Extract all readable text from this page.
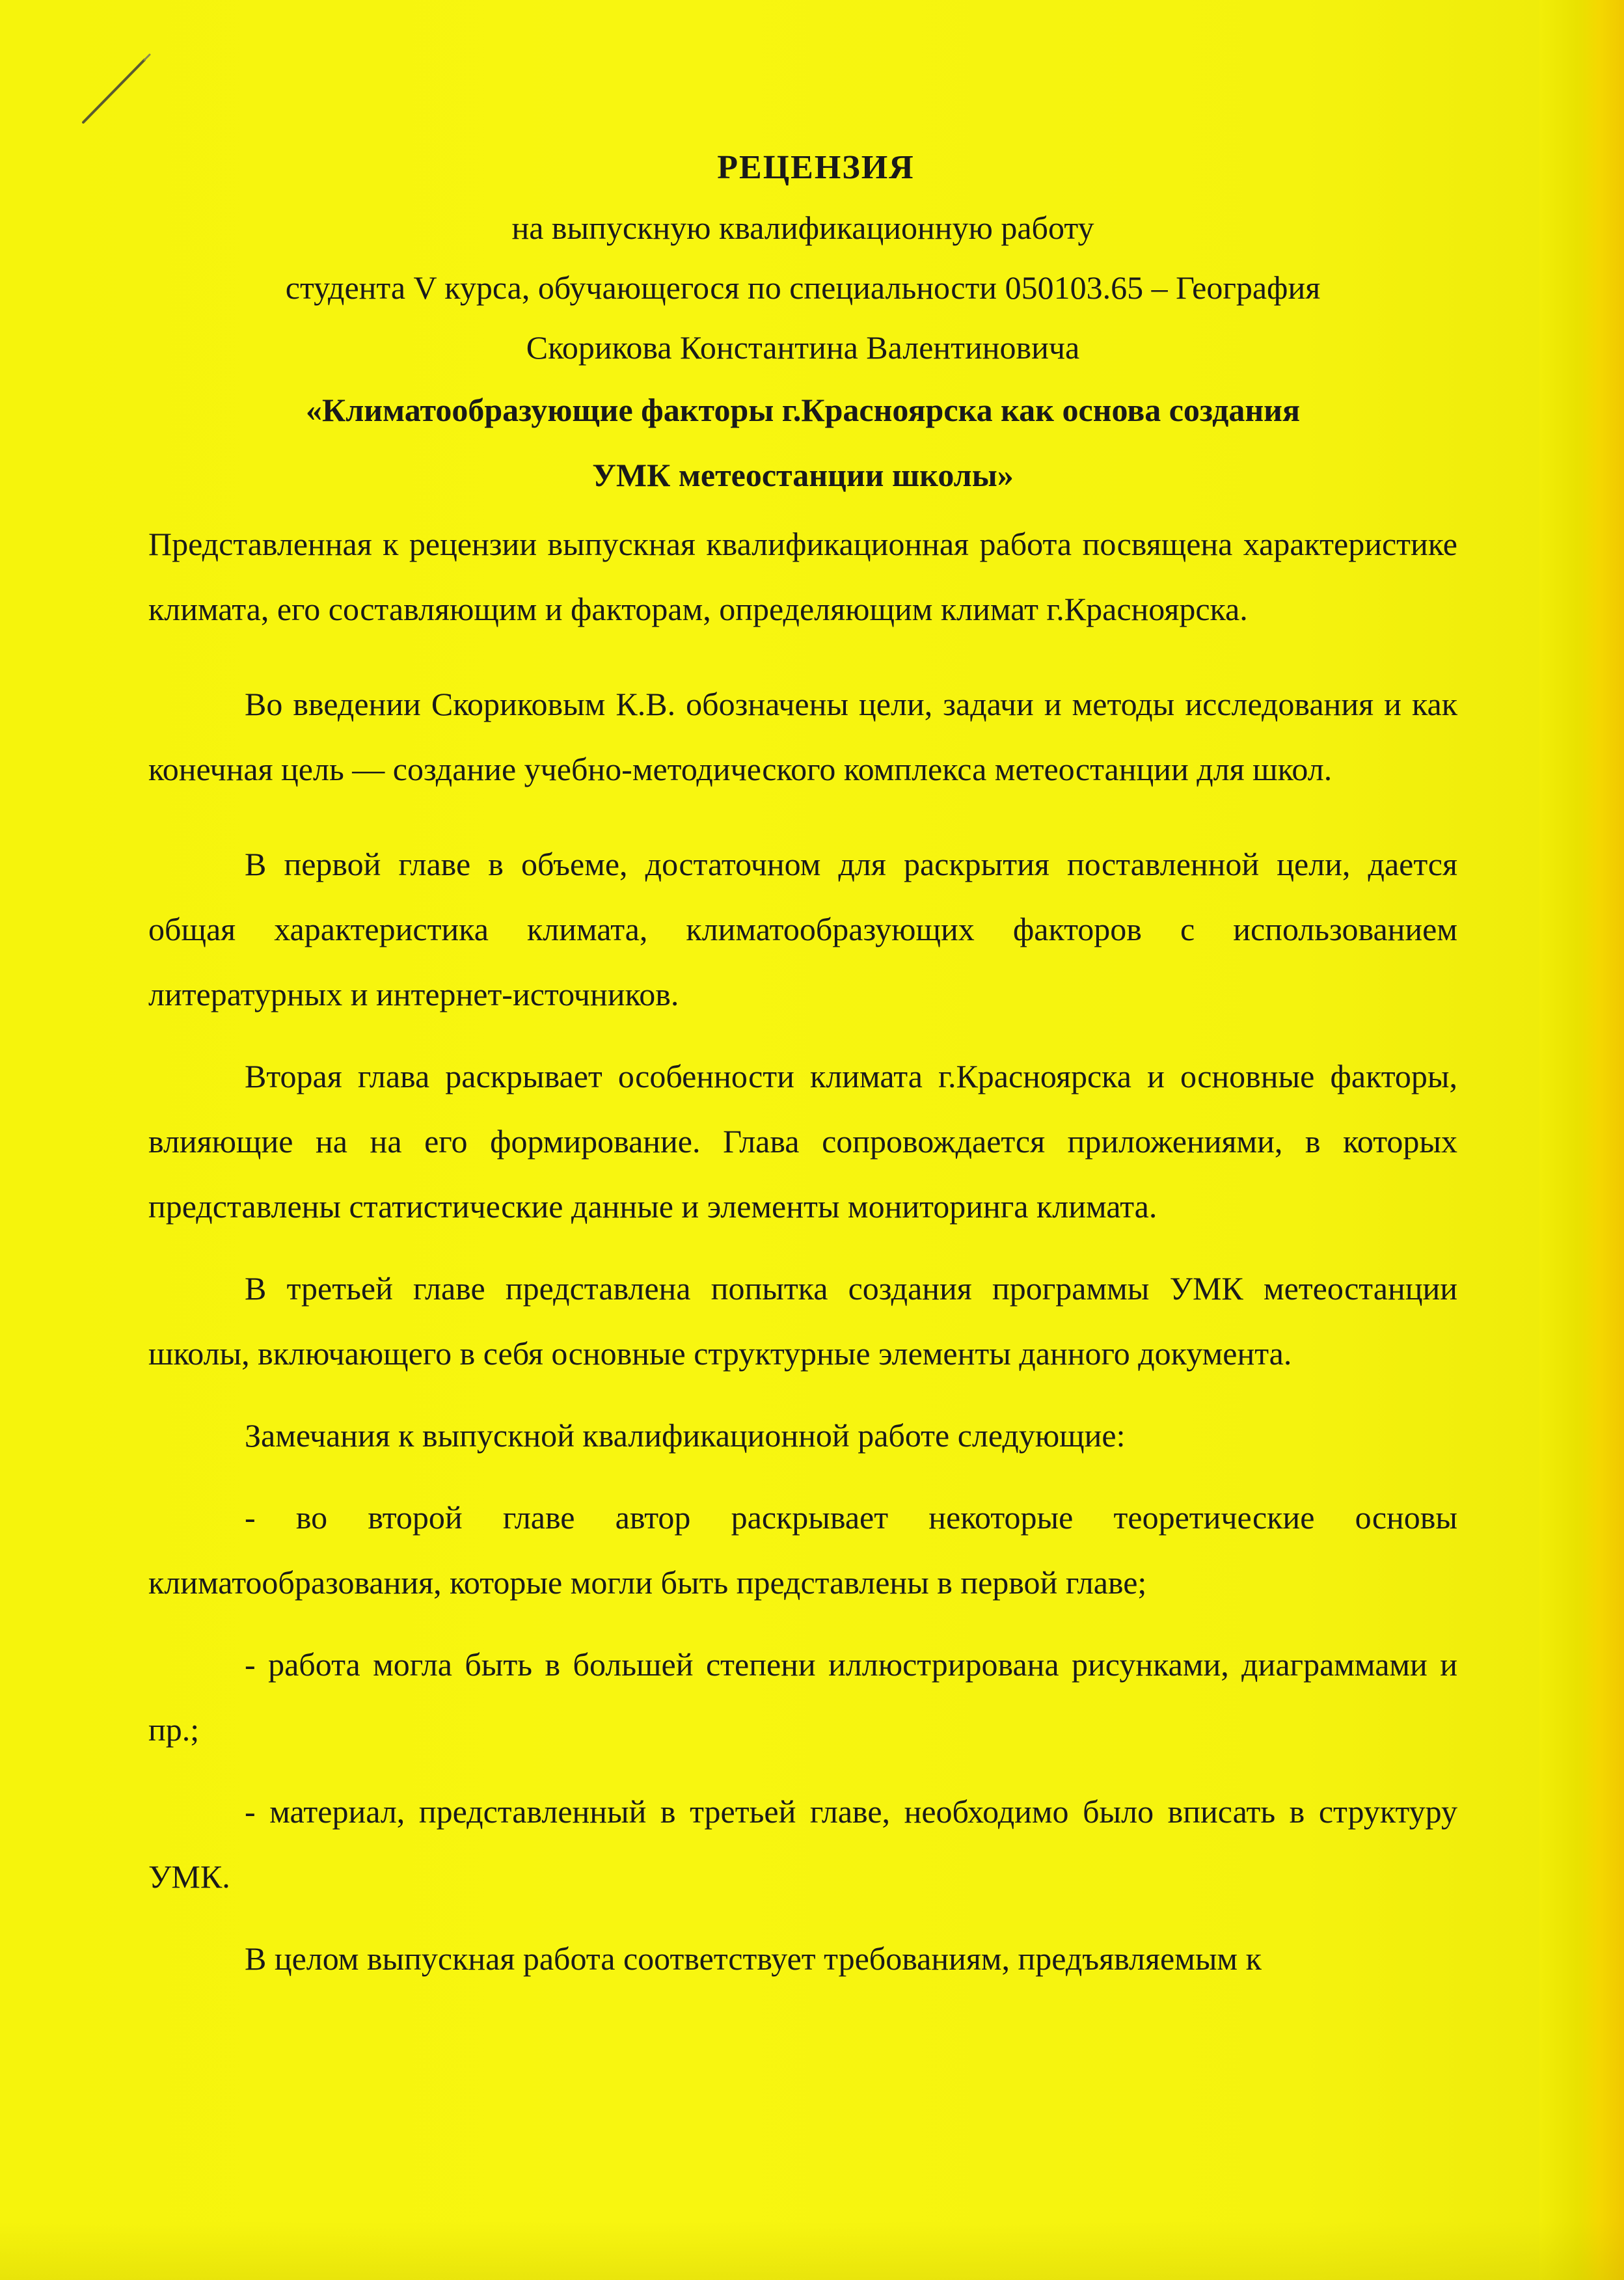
РЕЦЕНЗИЯ
на выпускную квалификационную работу
студента V курса, обучающегося по специальности 050103.65 – География
Скорикова Константина Валентиновича
«Климатообразующие факторы г.Красноярска как основа создания
УМК метеостанции школы»

Представленная к рецензии выпускная квалификационная работа посвящена характеристике климата, его составляющим и факторам, определяющим климат г.Красноярска.

Во введении Скориковым К.В. обозначены цели, задачи и методы исследования и как конечная цель — создание учебно-методического комплекса метеостанции для школ.

В первой главе в объеме, достаточном для раскрытия поставленной цели, дается общая характеристика климата, климатообразующих факторов с использованием литературных и интернет-источников.

Вторая глава раскрывает особенности климата г.Красноярска и основные факторы, влияющие на на его формирование. Глава сопровождается приложениями, в которых представлены статистические данные и элементы мониторинга климата.

В третьей главе представлена попытка создания программы УМК метеостанции школы, включающего в себя основные структурные элементы данного документа.

Замечания к выпускной квалификационной работе следующие:

- во второй главе автор раскрывает некоторые теоретические основы климатообразования, которые могли быть представлены в первой главе;

- работа могла быть в большей степени иллюстрирована рисунками, диаграммами и пр.;

- материал, представленный в третьей главе, необходимо было вписать в структуру УМК.

В целом выпускная работа соответствует требованиям, предъявляемым к
